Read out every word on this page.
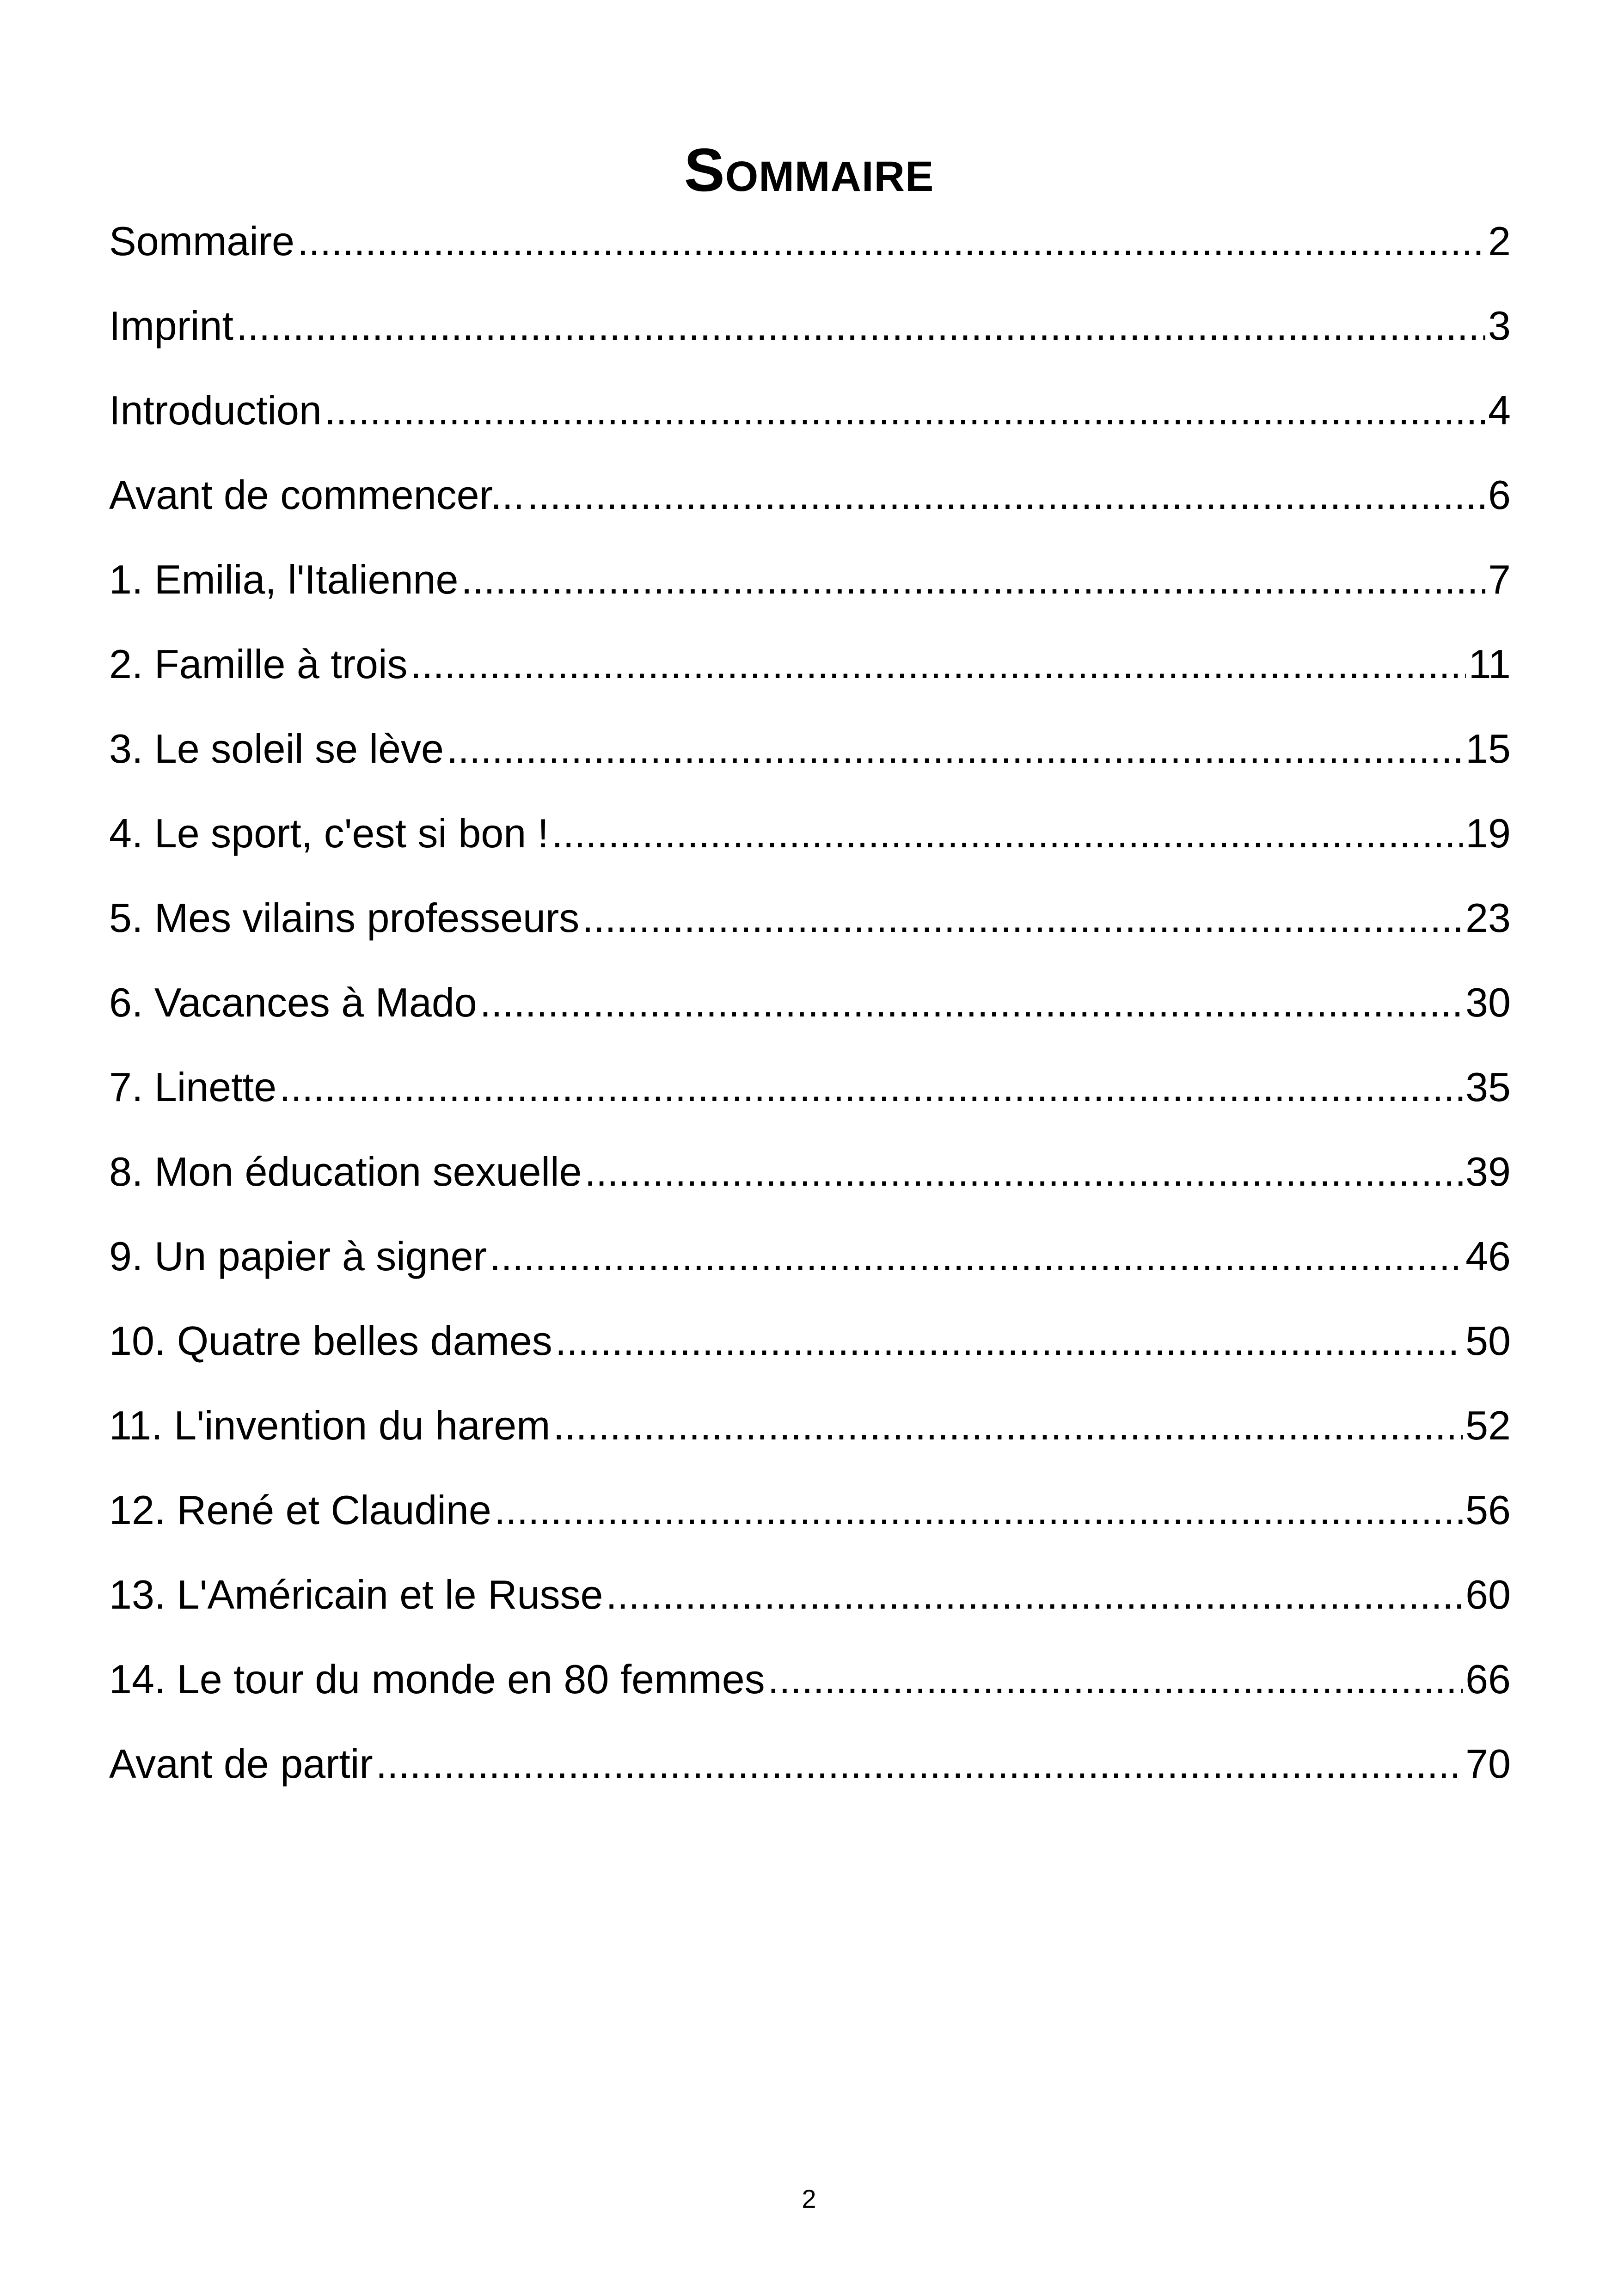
Sommaire
Sommaire .....	2
Imprint .....	3
Introduction .....	4
Avant de commencer... .....	6
1. Emilia, l'Italienne .....	7
2. Famille à trois .....	11
3. Le soleil se lève .....	15
4. Le sport, c'est si bon ! .....	19
5. Mes vilains professeurs .....	23
6. Vacances à Mado .....	30
7. Linette .....	35
8. Mon éducation sexuelle .....	39
9. Un papier à signer .....	46
10. Quatre belles dames .....	50
11. L'invention du harem .....	52
12. René et Claudine .....	56
13. L'Américain et le Russe .....	60
14. Le tour du monde en 80 femmes .....	66
Avant de partir .....	70
2
